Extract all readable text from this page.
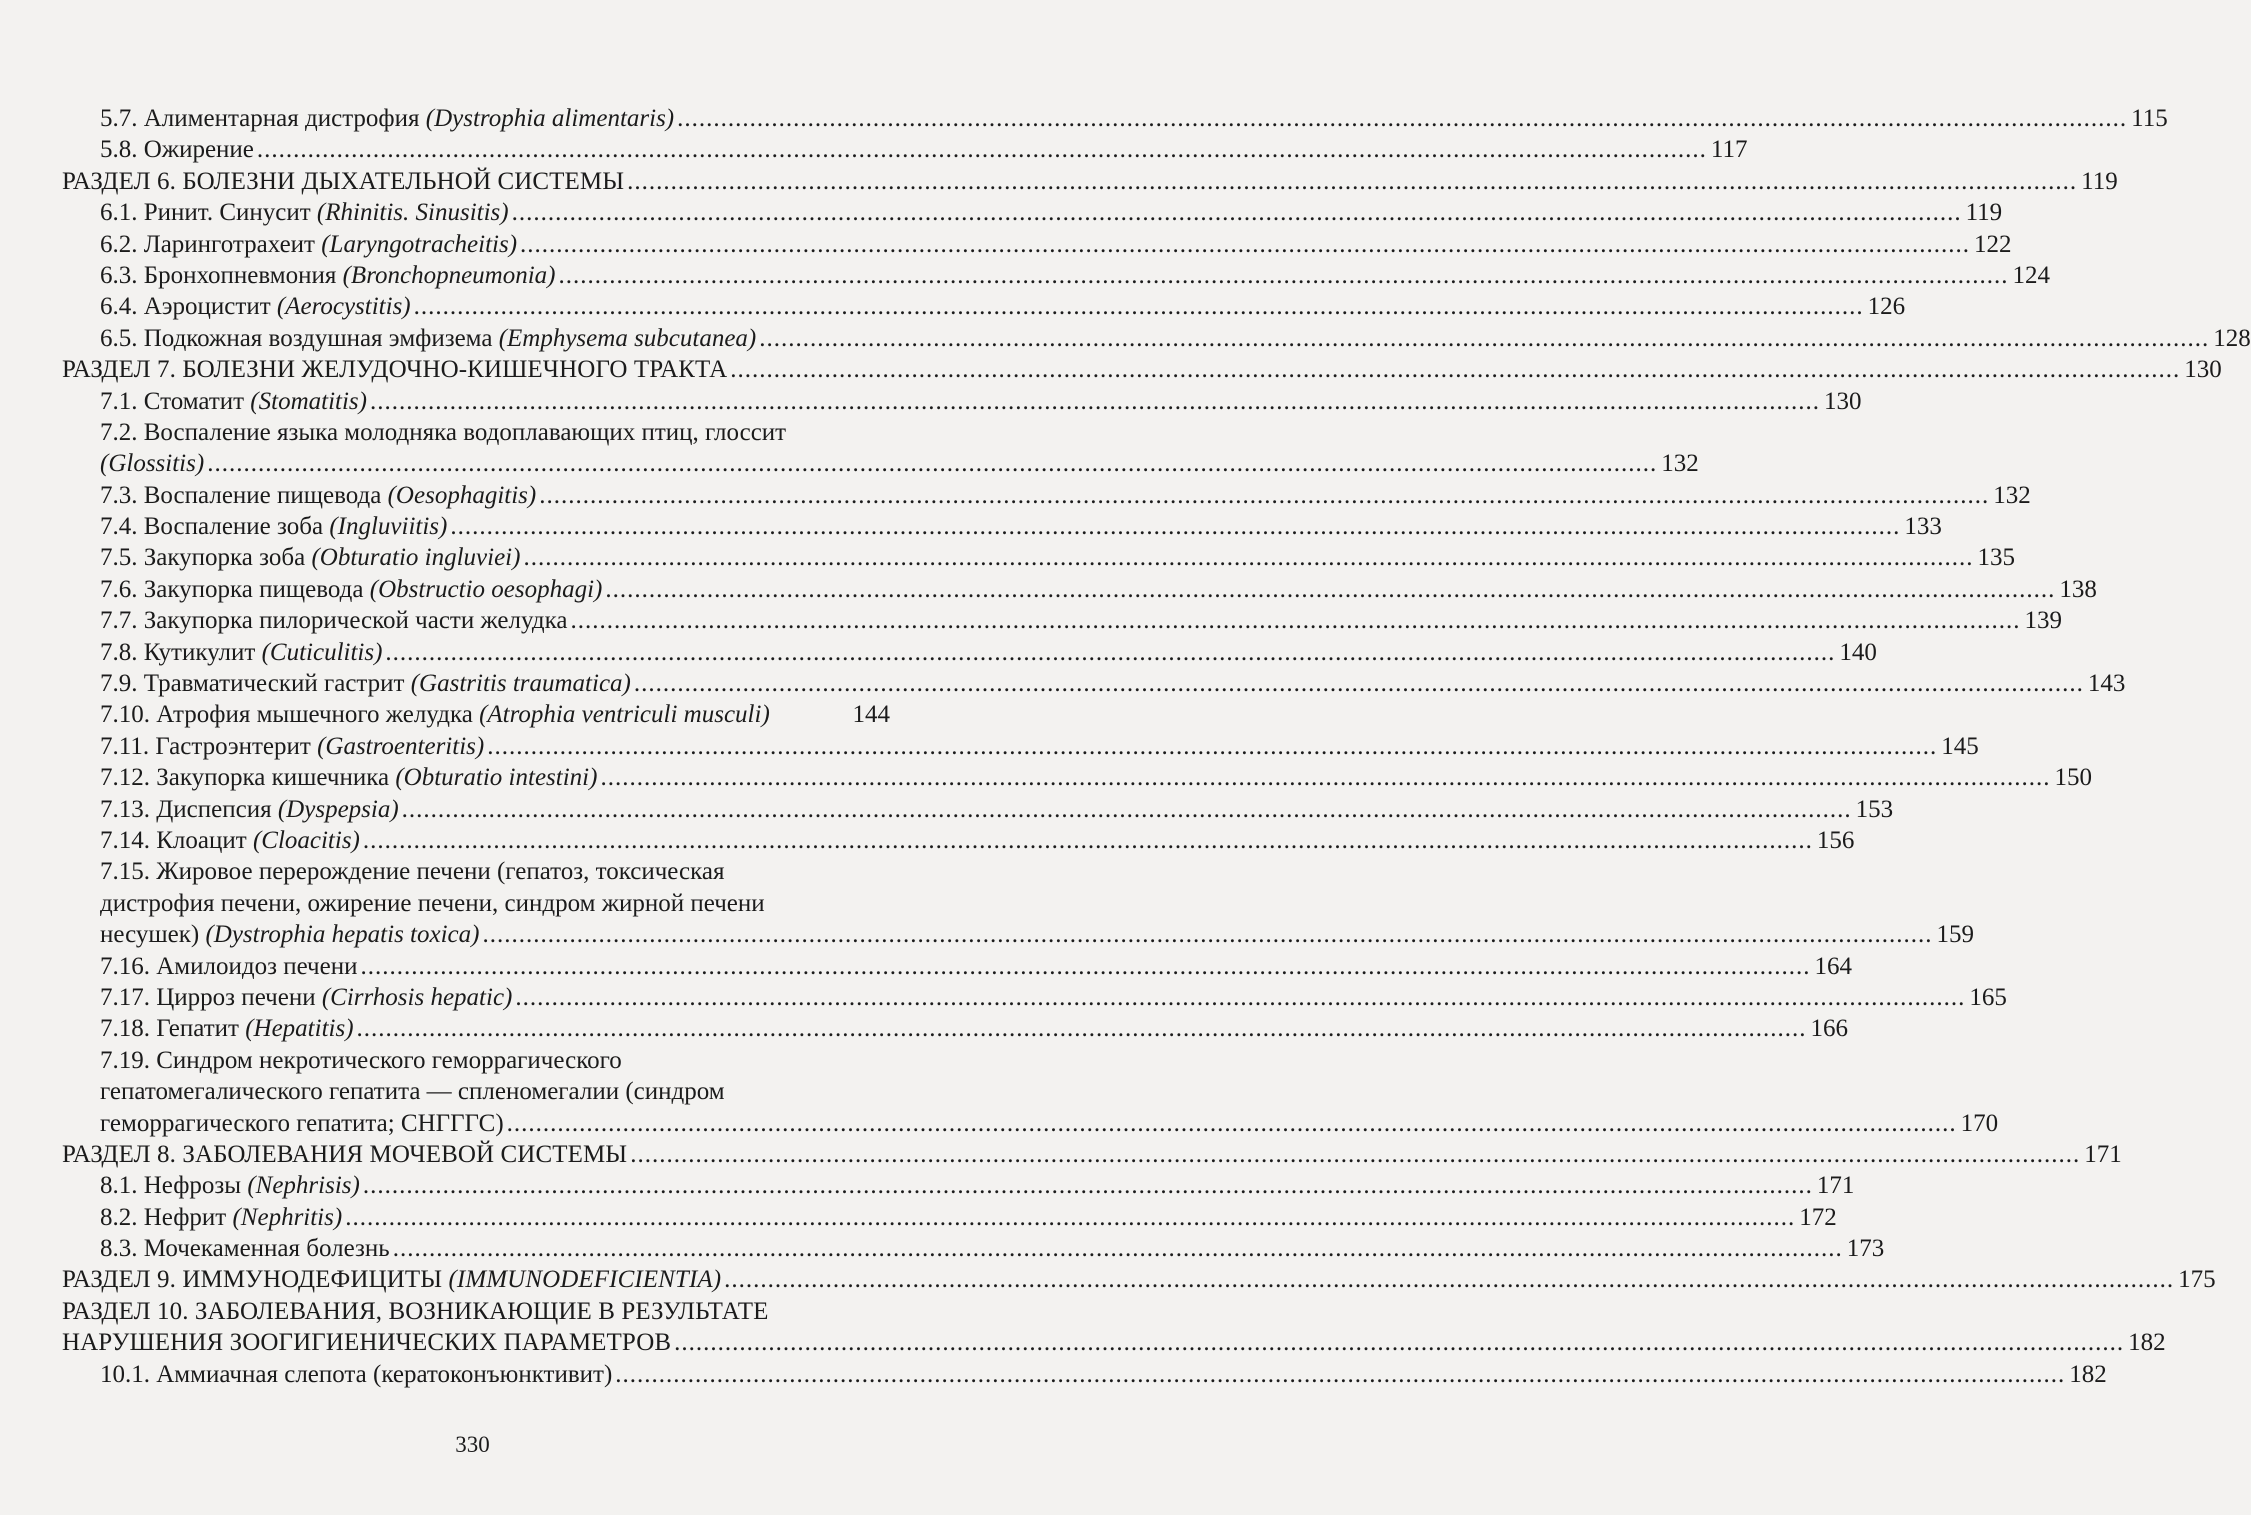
5.7. Алиментарная дистрофия (Dystrophia alimentaris) ........................................................................................................................................................................................................ 115
5.8. Ожирение ........................................................................................................................................................................................................ 117
РАЗДЕЛ 6. БОЛЕЗНИ ДЫХАТЕЛЬНОЙ СИСТЕМЫ ........................................................................................................................................................................................................ 119
6.1. Ринит. Синусит (Rhinitis. Sinusitis) ........................................................................................................................................................................................................ 119
6.2. Ларинготрахеит (Laryngotracheitis) ........................................................................................................................................................................................................ 122
6.3. Бронхопневмония (Bronchopneumonia) ........................................................................................................................................................................................................ 124
6.4. Аэроцистит (Aerocystitis) ........................................................................................................................................................................................................ 126
6.5. Подкожная воздушная эмфизема (Emphysema subcutanea) ........................................................................................................................................................................................................ 128
РАЗДЕЛ 7. БОЛЕЗНИ ЖЕЛУДОЧНО-КИШЕЧНОГО ТРАКТА ........................................................................................................................................................................................................ 130
7.1. Стоматит (Stomatitis) ........................................................................................................................................................................................................ 130
7.2. Воспаление языка молодняка водоплавающих птиц, глоссит
(Glossitis) ........................................................................................................................................................................................................ 132
7.3. Воспаление пищевода (Oesophagitis) ........................................................................................................................................................................................................ 132
7.4. Воспаление зоба (Ingluviitis) ........................................................................................................................................................................................................ 133
7.5. Закупорка зоба (Obturatio ingluviei) ........................................................................................................................................................................................................ 135
7.6. Закупорка пищевода (Obstructio oesophagi) ........................................................................................................................................................................................................ 138
7.7. Закупорка пилорической части желудка ........................................................................................................................................................................................................ 139
7.8. Кутикулит (Cuticulitis) ........................................................................................................................................................................................................ 140
7.9. Травматический гастрит (Gastritis traumatica) ........................................................................................................................................................................................................ 143
7.10. Атрофия мышечного желудка (Atrophia ventriculi musculi)	144
7.11. Гастроэнтерит (Gastroenteritis) ........................................................................................................................................................................................................ 145
7.12. Закупорка кишечника (Obturatio intestini) ........................................................................................................................................................................................................ 150
7.13. Диспепсия (Dyspepsia) ........................................................................................................................................................................................................ 153
7.14. Клоацит (Cloacitis) ........................................................................................................................................................................................................ 156
7.15. Жировое перерождение печени (гепатоз, токсическая
дистрофия печени, ожирение печени, синдром жирной печени
несушек) (Dystrophia hepatis toxica) ........................................................................................................................................................................................................ 159
7.16. Амилоидоз печени ........................................................................................................................................................................................................ 164
7.17. Цирроз печени (Cirrhosis hepatic) ........................................................................................................................................................................................................ 165
7.18. Гепатит (Hepatitis) ........................................................................................................................................................................................................ 166
7.19. Синдром некротического геморрагического
гепатомегалического гепатита — спленомегалии (синдром
геморрагического гепатита; СНГГГС) ........................................................................................................................................................................................................ 170
РАЗДЕЛ 8. ЗАБОЛЕВАНИЯ МОЧЕВОЙ СИСТЕМЫ ........................................................................................................................................................................................................ 171
8.1. Нефрозы (Nephrisis) ........................................................................................................................................................................................................ 171
8.2. Нефрит (Nephritis) ........................................................................................................................................................................................................ 172
8.3. Мочекаменная болезнь ........................................................................................................................................................................................................ 173
РАЗДЕЛ 9. ИММУНОДЕФИЦИТЫ (IMMUNODEFICIENTIA) ........................................................................................................................................................................................................ 175
РАЗДЕЛ 10. ЗАБОЛЕВАНИЯ, ВОЗНИКАЮЩИЕ В РЕЗУЛЬТАТЕ
НАРУШЕНИЯ ЗООГИГИЕНИЧЕСКИХ ПАРАМЕТРОВ ........................................................................................................................................................................................................ 182
10.1. Аммиачная слепота (кератоконъюнктивит) ........................................................................................................................................................................................................ 182
330
